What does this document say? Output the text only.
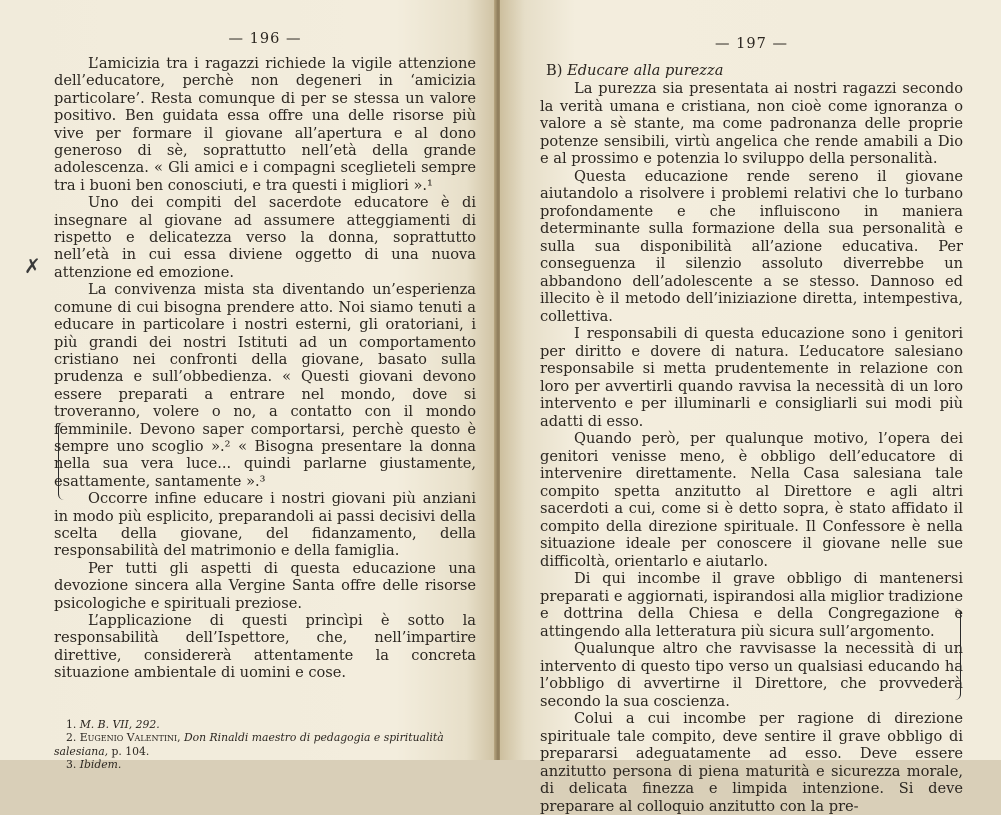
— 196 —

L’amicizia tra i ragazzi richiede la vigile attenzione dell’educatore, perchè non degeneri in ‘amicizia particolare’. Resta comunque di per se stessa un valore positivo. Ben guidata essa offre una delle risorse più vive per formare il giovane all’apertura e al dono generoso di sè, soprattutto nell’età della grande adolescenza. « Gli amici e i compagni sceglieteli sempre tra i buoni ben conosciuti, e tra questi i migliori ».¹

Uno dei compiti del sacerdote educatore è di insegnare al giovane ad assumere atteggiamenti di rispetto e delicatezza verso la donna, soprattutto nell’età in cui essa diviene oggetto di una nuova attenzione ed emozione.

La convivenza mista sta diventando un’esperienza comune di cui bisogna prendere atto. Noi siamo tenuti a educare in particolare i nostri esterni, gli oratoriani, i più grandi dei nostri Istituti ad un comportamento cristiano nei confronti della giovane, basato sulla prudenza e sull’obbedienza. « Questi giovani devono essere preparati a entrare nel mondo, dove si troveranno, volere o no, a contatto con il mondo femminile. Devono saper comportarsi, perchè questo è sempre uno scoglio ».² « Bisogna presentare la donna nella sua vera luce... quindi parlarne giustamente, esattamente, santamente ».³

Occorre infine educare i nostri giovani più anziani in modo più esplicito, preparandoli ai passi decisivi della scelta della giovane, del fidanzamento, della responsabilità del matrimonio e della famiglia.

Per tutti gli aspetti di questa educazione una devozione sincera alla Vergine Santa offre delle risorse psicologiche e spirituali preziose.

L’applicazione di questi princìpi è sotto la responsabilità dell’Ispettore, che, nell’impartire direttive, considererà attentamente la concreta situazione ambientale di uomini e cose.

1. M. B. VII, 292.

2. Eugenio Valentini, Don Rinaldi maestro di pedagogia e spiritualità

salesiana, p. 104.

3. Ibidem.

✗
— 197 —
B) Educare alla purezza

La purezza sia presentata ai nostri ragazzi secondo la verità umana e cristiana, non cioè come ignoranza o valore a sè stante, ma come padronanza delle proprie potenze sensibili, virtù angelica che rende amabili a Dio e al prossimo e potenzia lo sviluppo della personalità.

Questa educazione rende sereno il giovane aiutandolo a risolvere i problemi relativi che lo turbano profondamente e che influiscono in maniera determinante sulla formazione della sua personalità e sulla sua disponibilità all’azione educativa. Per conseguenza il silenzio assoluto diverrebbe un abbandono dell’adolescente a se stesso. Dannoso ed illecito è il metodo dell’iniziazione diretta, intempestiva, collettiva.

I responsabili di questa educazione sono i genitori per diritto e dovere di natura. L’educatore salesiano responsabile si metta prudentemente in relazione con loro per avvertirli quando ravvisa la necessità di un loro intervento e per illuminarli e consigliarli sui modi più adatti di esso.

Quando però, per qualunque motivo, l’opera dei genitori venisse meno, è obbligo dell’educatore di intervenire direttamente. Nella Casa salesiana tale compito spetta anzitutto al Direttore e agli altri sacerdoti a cui, come si è detto sopra, è stato affidato il compito della direzione spirituale. Il Confessore è nella situazione ideale per conoscere il giovane nelle sue difficoltà, orientarlo e aiutarlo.

Di qui incombe il grave obbligo di mantenersi preparati e aggiornati, ispirandosi alla miglior tradizione e dottrina della Chiesa e della Congregazione e attingendo alla letteratura più sicura sull’argomento.

Qualunque altro che ravvisasse la necessità di un intervento di questo tipo verso un qualsiasi educando ha l’obbligo di avvertirne il Direttore, che provvederà secondo la sua coscienza.

Colui a cui incombe per ragione di direzione spirituale tale compito, deve sentire il grave obbligo di prepararsi adeguatamente ad esso. Deve essere anzitutto persona di piena maturità e sicurezza morale, di delicata finezza e limpida intenzione. Si deve preparare al colloquio anzitutto con la pre-
